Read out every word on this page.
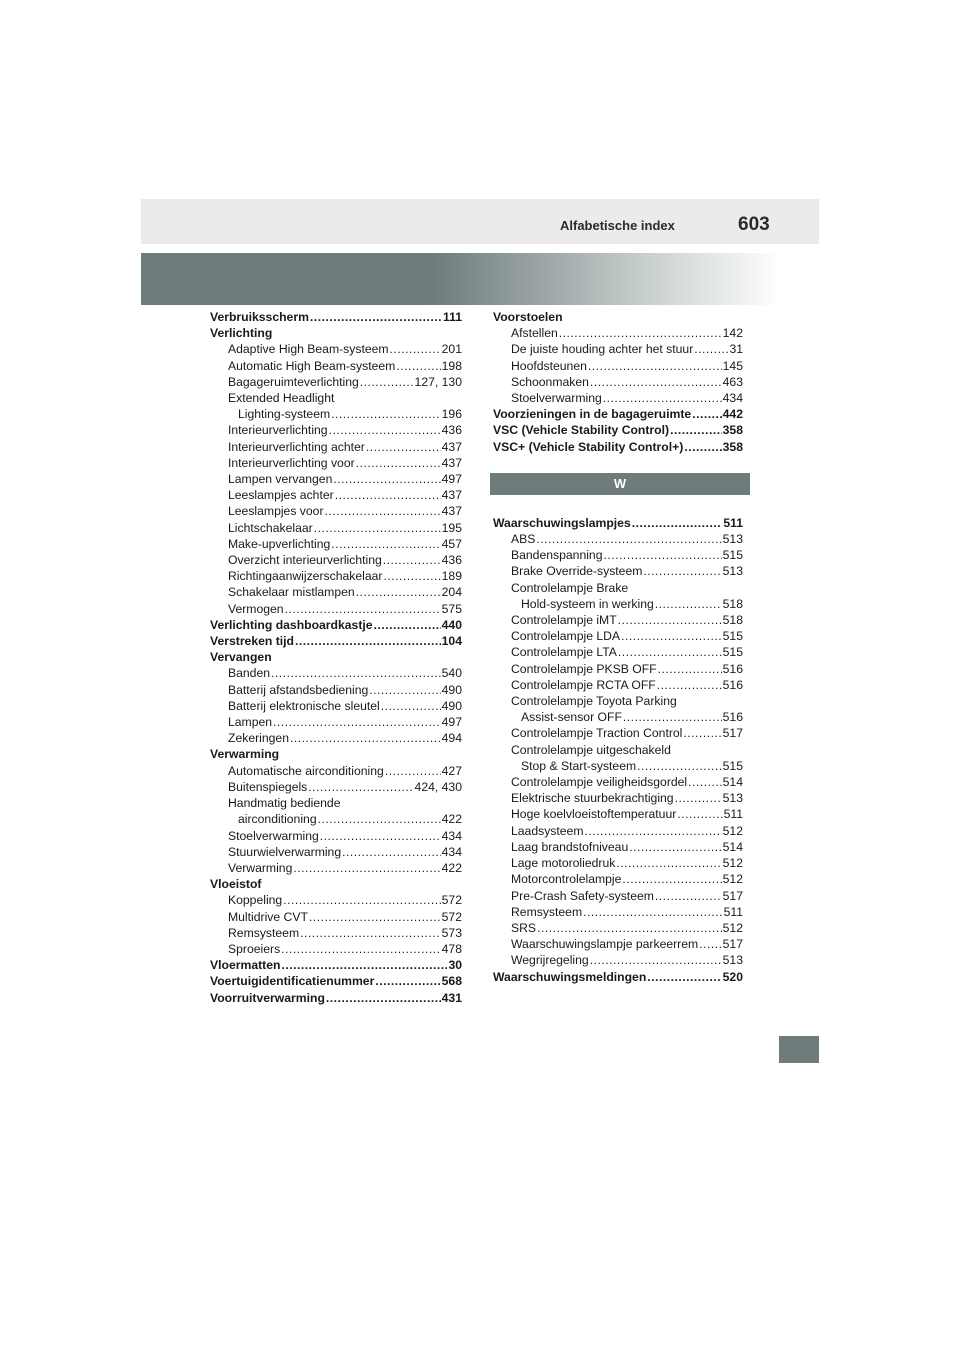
Alfabetische index	603
Verbruiksscherm .....	111
Verlichting
Adaptive High Beam-systeem .....	201
Automatic High Beam-systeem .....	198
Bagageruimteverlichting .....	127, 130
Extended Headlight
Lighting-systeem .....	196
Interieurverlichting .....	436
Interieurverlichting achter .....	437
Interieurverlichting voor .....	437
Lampen vervangen .....	497
Leeslampjes achter .....	437
Leeslampjes voor .....	437
Lichtschakelaar .....	195
Make-upverlichting .....	457
Overzicht interieurverlichting .....	436
Richtingaanwijzerschakelaar .....	189
Schakelaar mistlampen .....	204
Vermogen .....	575
Verlichting dashboardkastje .....	440
Verstreken tijd .....	104
Vervangen
Banden .....	540
Batterij afstandsbediening .....	490
Batterij elektronische sleutel .....	490
Lampen .....	497
Zekeringen .....	494
Verwarming
Automatische airconditioning .....	427
Buitenspiegels .....	424, 430
Handmatig bediende
airconditioning .....	422
Stoelverwarming .....	434
Stuurwielverwarming .....	434
Verwarming .....	422
Vloeistof
Koppeling .....	572
Multidrive CVT .....	572
Remsysteem .....	573
Sproeiers .....	478
Vloermatten .....	30
Voertuigidentificatienummer .....	568
Voorruitverwarming .....	431
Voorstoelen
Afstellen .....	142
De juiste houding achter het stuur .....	31
Hoofdsteunen .....	145
Schoonmaken .....	463
Stoelverwarming .....	434
Voorzieningen in de bagageruimte .....	442
VSC (Vehicle Stability Control) .....	358
VSC+ (Vehicle Stability Control+) .....	358
W
Waarschuwingslampjes .....	511
ABS .....	513
Bandenspanning .....	515
Brake Override-systeem .....	513
Controlelampje Brake
Hold-systeem in werking .....	518
Controlelampje iMT .....	518
Controlelampje LDA .....	515
Controlelampje LTA .....	515
Controlelampje PKSB OFF .....	516
Controlelampje RCTA OFF .....	516
Controlelampje Toyota Parking
Assist-sensor OFF .....	516
Controlelampje Traction Control .....	517
Controlelampje uitgeschakeld
Stop & Start-systeem .....	515
Controlelampje veiligheidsgordel .....	514
Elektrische stuurbekrachtiging .....	513
Hoge koelvloeistoftemperatuur .....	511
Laadsysteem .....	512
Laag brandstofniveau .....	514
Lage motoroliedruk .....	512
Motorcontrolelampje .....	512
Pre-Crash Safety-systeem .....	517
Remsysteem .....	511
SRS .....	512
Waarschuwingslampje parkeerrem ..... 517
Wegrijregeling .....	513
Waarschuwingsmeldingen .....	520
